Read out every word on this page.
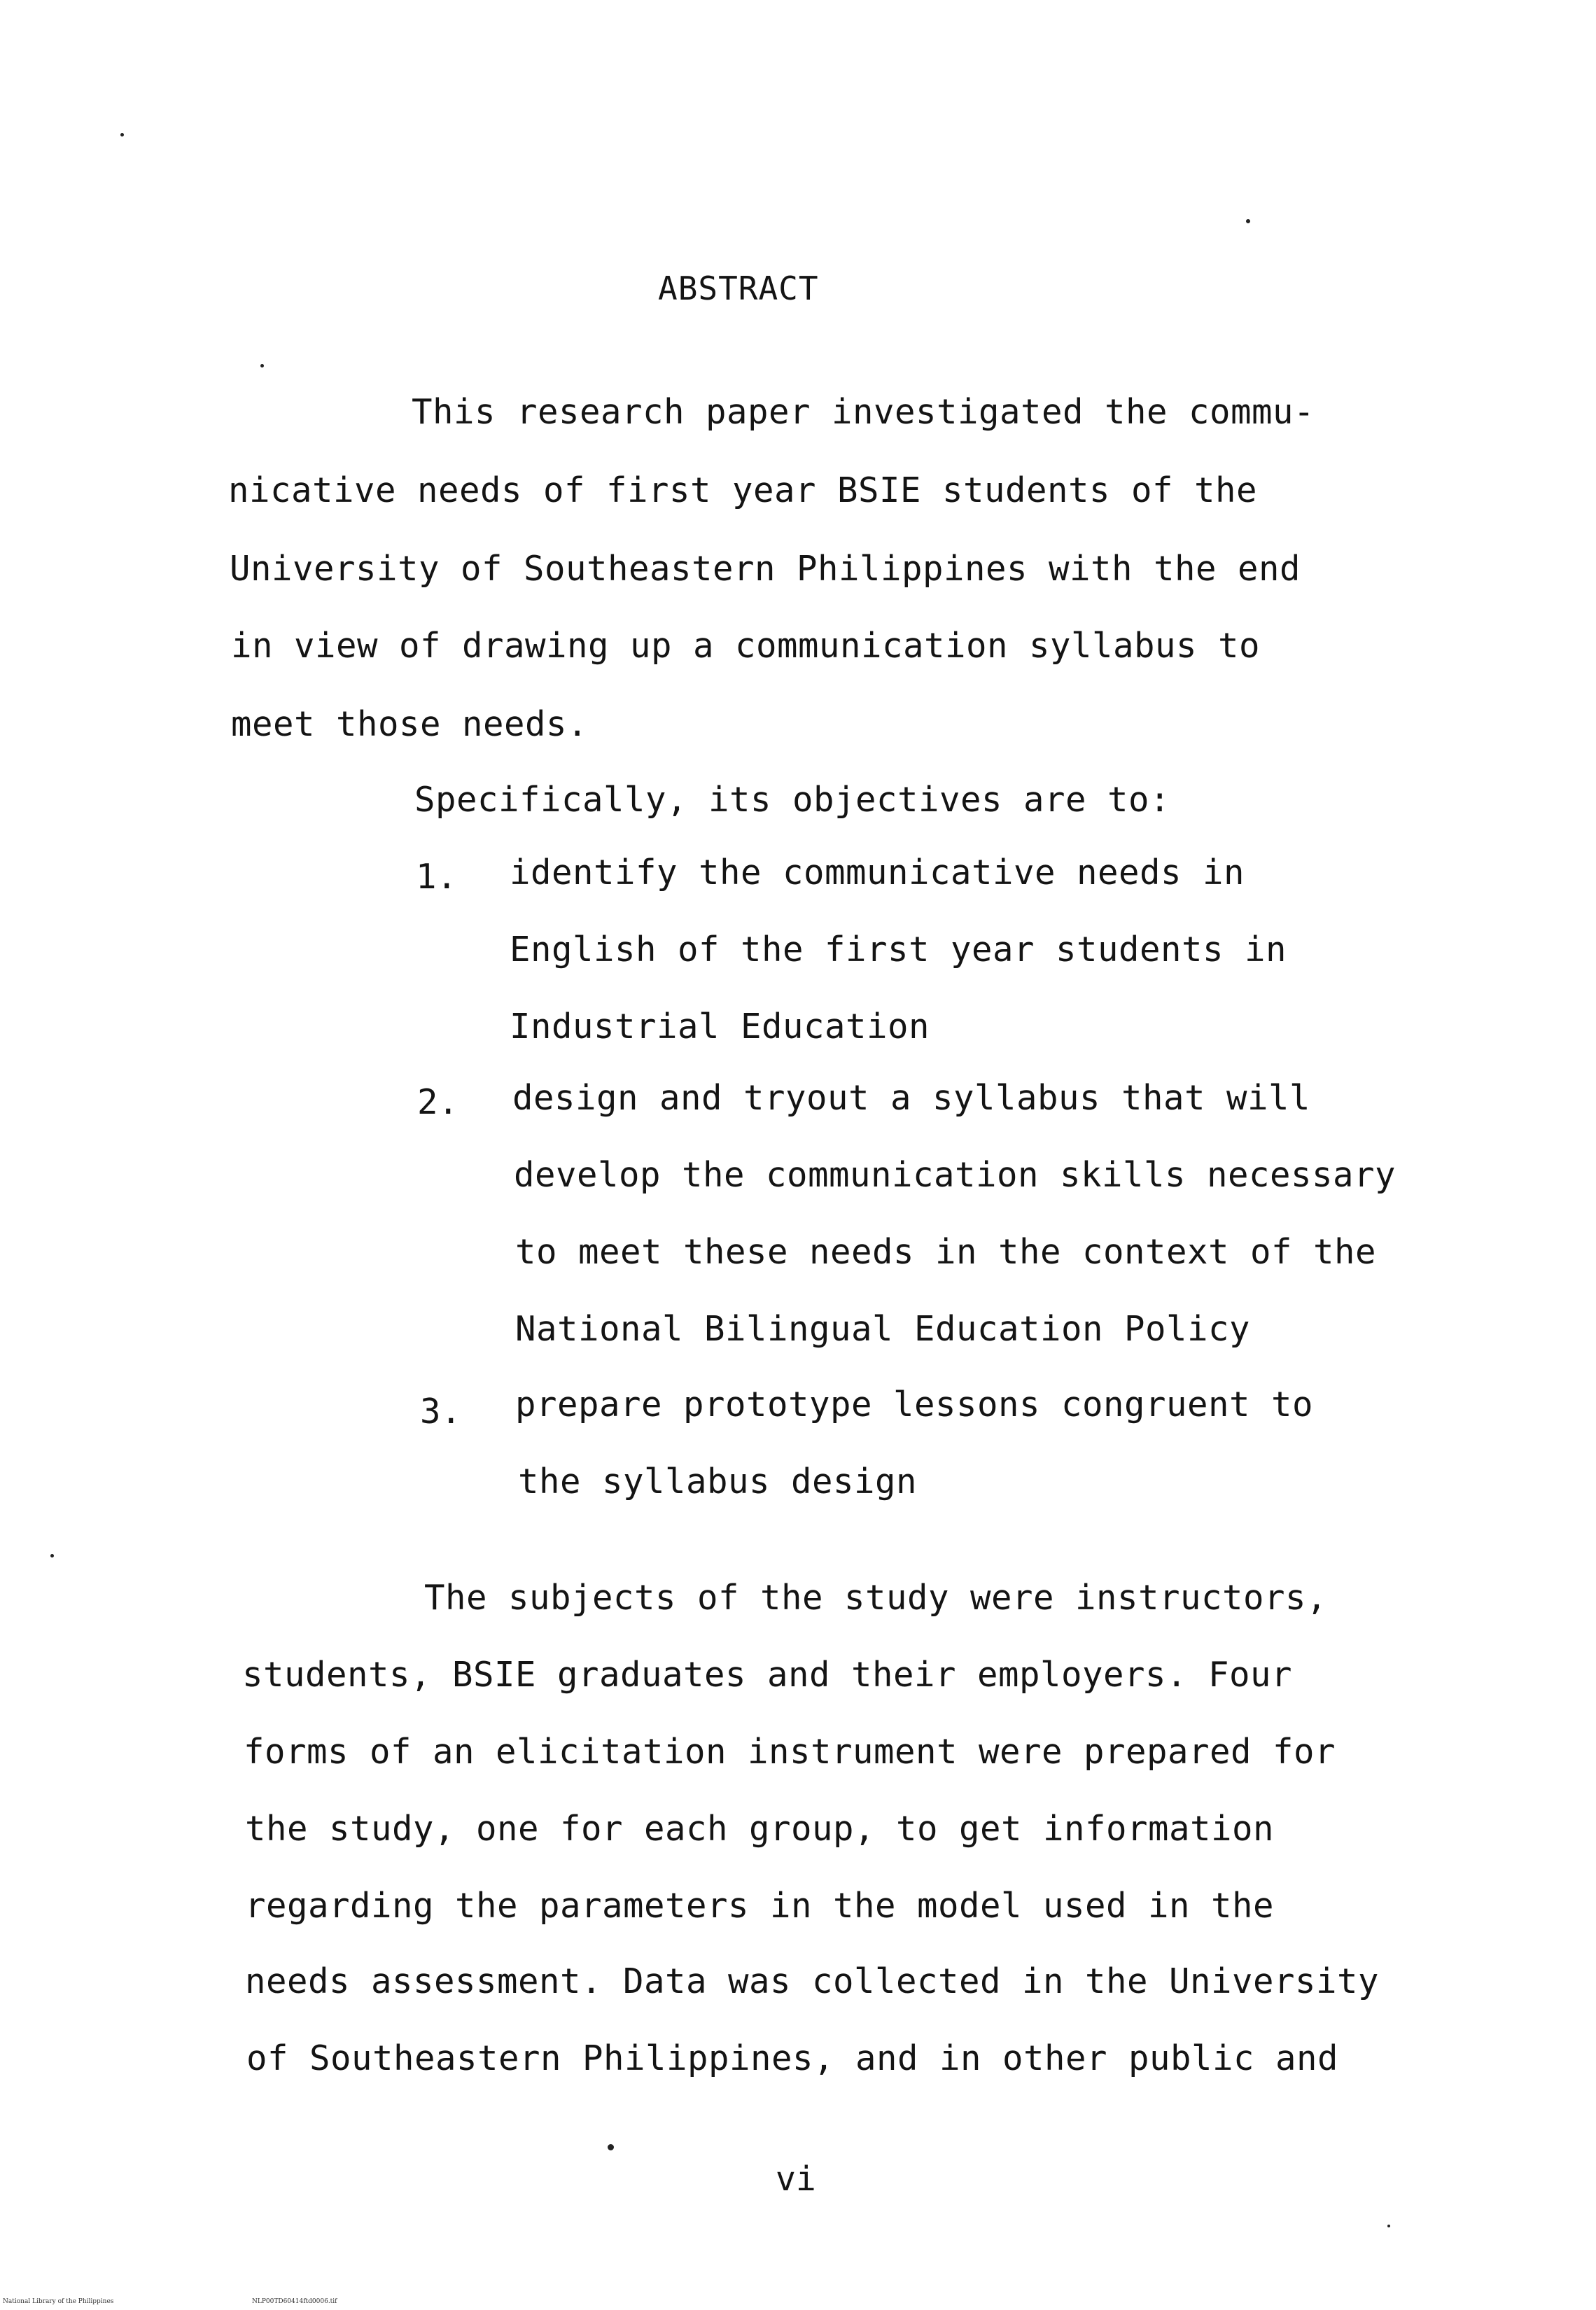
ABSTRACT
This research paper investigated the commu-
nicative needs of first year BSIE students of the
University of Southeastern Philippines with the end
in view of drawing up a communication syllabus to
meet those needs.
Specifically, its objectives are to:
1. identify the communicative needs in
English of the first year students in
Industrial Education
2. design and tryout a syllabus that will
develop the communication skills necessary
to meet these needs in the context of the
National Bilingual Education Policy
3. prepare prototype lessons congruent to
the syllabus design
The subjects of the study were instructors,
students, BSIE graduates and their employers. Four
forms of an elicitation instrument were prepared for
the study, one for each group, to get information
regarding the parameters in the model used in the
needs assessment. Data was collected in the University
of Southeastern Philippines, and in other public and
vi
National Library of the Philippines	NLP00TD60414ftd0006.tif
